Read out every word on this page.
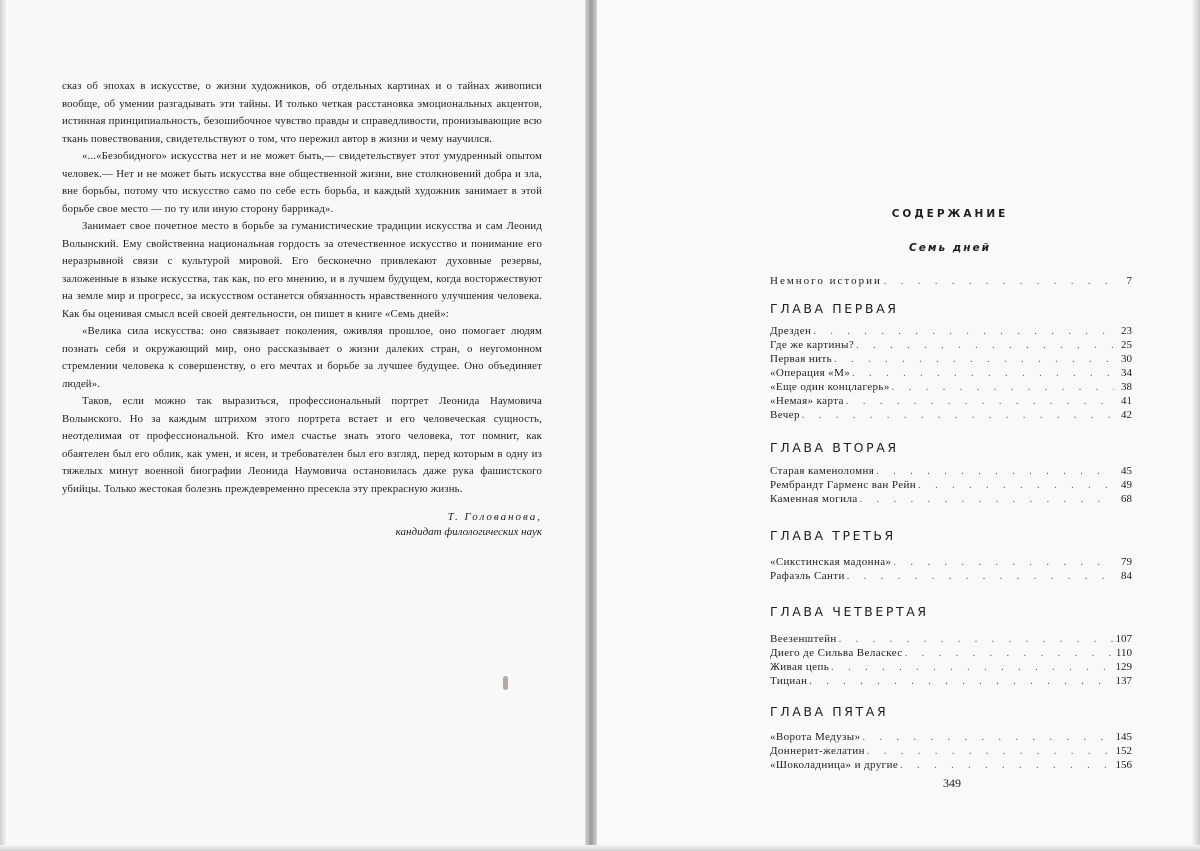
сказ об эпохах в искусстве, о жизни художников, об отдельных картинах и о тайнах живописи вообще, об умении разгадывать эти тайны. И только четкая расстановка эмоциональных акцентов, истинная принципиальность, безошибочное чувство правды и справедливости, пронизывающие всю ткань повествования, свидетельствуют о том, что пережил автор в жизни и чему научился.

«...«Безобидного» искусства нет и не может быть,— свидетельствует этот умудренный опытом человек.— Нет и не может быть искусства вне общественной жизни, вне столкновений добра и зла, вне борьбы, потому что искусство само по себе есть борьба, и каждый художник занимает в этой борьбе свое место — по ту или иную сторону баррикад».

Занимает свое почетное место в борьбе за гуманистические традиции искусства и сам Леонид Волынский. Ему свойственна национальная гордость за отечественное искусство и понимание его неразрывной связи с культурой мировой. Его бесконечно привлекают духовные резервы, заложенные в языке искусства, так как, по его мнению, и в лучшем будущем, когда восторжествуют на земле мир и прогресс, за искусством останется обязанность нравственного улучшения человека. Как бы оценивая смысл всей своей деятельности, он пишет в книге «Семь дней»:

«Велика сила искусства: оно связывает поколения, оживляя прошлое, оно помогает людям познать себя и окружающий мир, оно рассказывает о жизни далеких стран, о неугомонном стремлении человека к совершенству, о его мечтах и борьбе за лучшее будущее. Оно объединяет людей».

Таков, если можно так выразиться, профессиональный портрет Леонида Наумовича Волынского. Но за каждым штрихом этого портрета встает и его человеческая сущность, неотделимая от профессиональной. Кто имел счастье знать этого человека, тот помнит, как обаятелен был его облик, как умен, и ясен, и требователен был его взгляд, перед которым в одну из тяжелых минут военной биографии Леонида Наумовича остановилась даже рука фашистского убийцы. Только жестокая болезнь преждевременно пресекла эту прекрасную жизнь.

Т. Голованова,
кандидат филологических наук
СОДЕРЖАНИЕ
Семь дней
Немного истории . . .	7
ГЛАВА ПЕРВАЯ
Дрезден . . .	23
Где же картины? . . .	25
Первая нить . . .	30
«Операция «М» . . .	34
«Еще один концлагерь» . . .	38
«Немая» карта . . .	41
Вечер . . .	42
ГЛАВА ВТОРАЯ
Старая каменоломня . . .	45
Рембрандт Гарменс ван Рейн . . .	49
Каменная могила . . .	68
ГЛАВА ТРЕТЬЯ
«Сикстинская мадонна» . . .	79
Рафаэль Санти . . .	84
ГЛАВА ЧЕТВЕРТАЯ
Веезенштейн . . .	107
Диего де Сильва Веласкес . . .	110
Живая цепь . . .	129
Тициан . . .	137
ГЛАВА ПЯТАЯ
«Ворота Медузы» . . .	145
Доннерит-желатин . . .	152
«Шоколадница» и другие . . .	156
349
